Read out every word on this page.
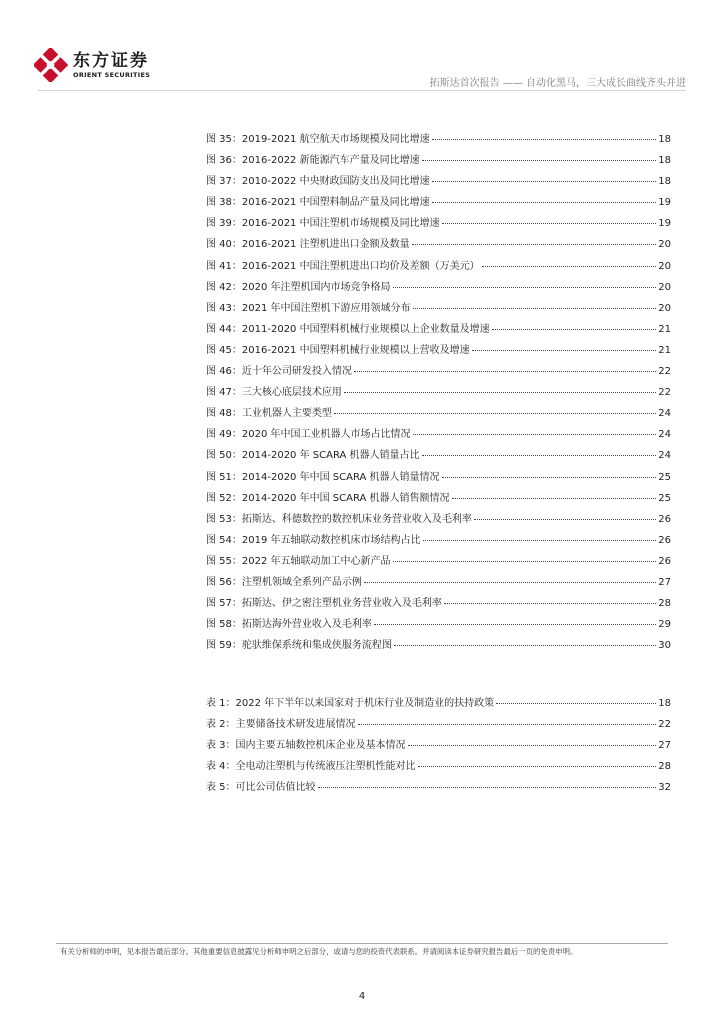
东方证券
ORIENT SECURITIES
拓斯达首次报告 —— 自动化黑马，三大成长曲线齐头并进
图 35： 2019-2021 航空航天市场规模及同比增速	18
图 36： 2016-2022 新能源汽车产量及同比增速	18
图 37： 2010-2022 中央财政国防支出及同比增速	18
图 38： 2016-2021 中国塑料制品产量及同比增速	19
图 39： 2016-2021 中国注塑机市场规模及同比增速	19
图 40： 2016-2021 注塑机进出口金额及数量	20
图 41： 2016-2021 中国注塑机进出口均价及差额（万美元）	20
图 42： 2020 年注塑机国内市场竞争格局	20
图 43： 2021 年中国注塑机下游应用领域分布	20
图 44： 2011-2020 中国塑料机械行业规模以上企业数量及增速	21
图 45： 2016-2021 中国塑料机械行业规模以上营收及增速	21
图 46： 近十年公司研发投入情况	22
图 47： 三大核心底层技术应用	22
图 48： 工业机器人主要类型	24
图 49： 2020 年中国工业机器人市场占比情况	24
图 50： 2014-2020 年 SCARA 机器人销量占比	24
图 51： 2014-2020 年中国 SCARA 机器人销量情况	25
图 52： 2014-2020 年中国 SCARA 机器人销售额情况	25
图 53： 拓斯达、科德数控的数控机床业务营业收入及毛利率	26
图 54： 2019 年五轴联动数控机床市场结构占比	26
图 55： 2022 年五轴联动加工中心新产品	26
图 56： 注塑机领域全系列产品示例	27
图 57： 拓斯达、伊之密注塑机业务营业收入及毛利率	28
图 58： 拓斯达海外营业收入及毛利率	29
图 59： 驼驮维保系统和集成侠服务流程图	30
表 1： 2022 年下半年以来国家对于机床行业及制造业的扶持政策	18
表 2： 主要储备技术研发进展情况	22
表 3： 国内主要五轴数控机床企业及基本情况	27
表 4： 全电动注塑机与传统液压注塑机性能对比	28
表 5： 可比公司估值比较	32
有关分析师的申明，见本报告最后部分。其他重要信息披露见分析师申明之后部分，或请与您的投资代表联系。并请阅读本证券研究报告最后一页的免责申明。
4
